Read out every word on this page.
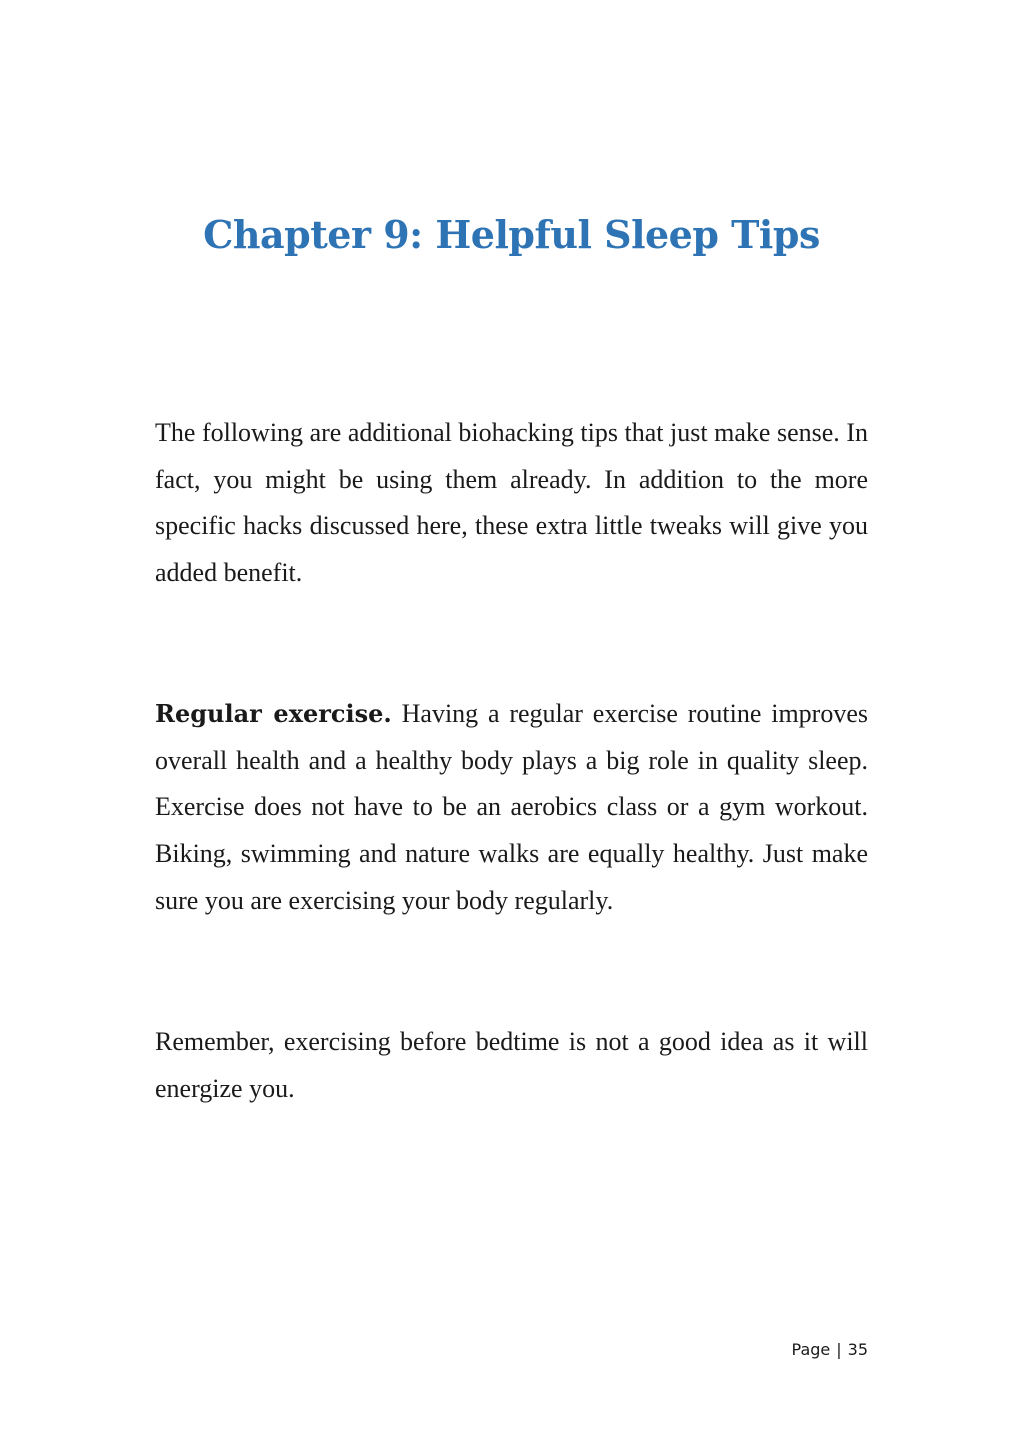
Chapter 9: Helpful Sleep Tips

The following are additional biohacking tips that just make sense. In fact, you might be using them already. In addition to the more specific hacks discussed here, these extra little tweaks will give you added benefit.

Regular exercise. Having a regular exercise routine improves overall health and a healthy body plays a big role in quality sleep. Exercise does not have to be an aerobics class or a gym workout. Biking, swimming and nature walks are equally healthy. Just make sure you are exercising your body regularly.

Remember, exercising before bedtime is not a good idea as it will energize you.

Page | 35
